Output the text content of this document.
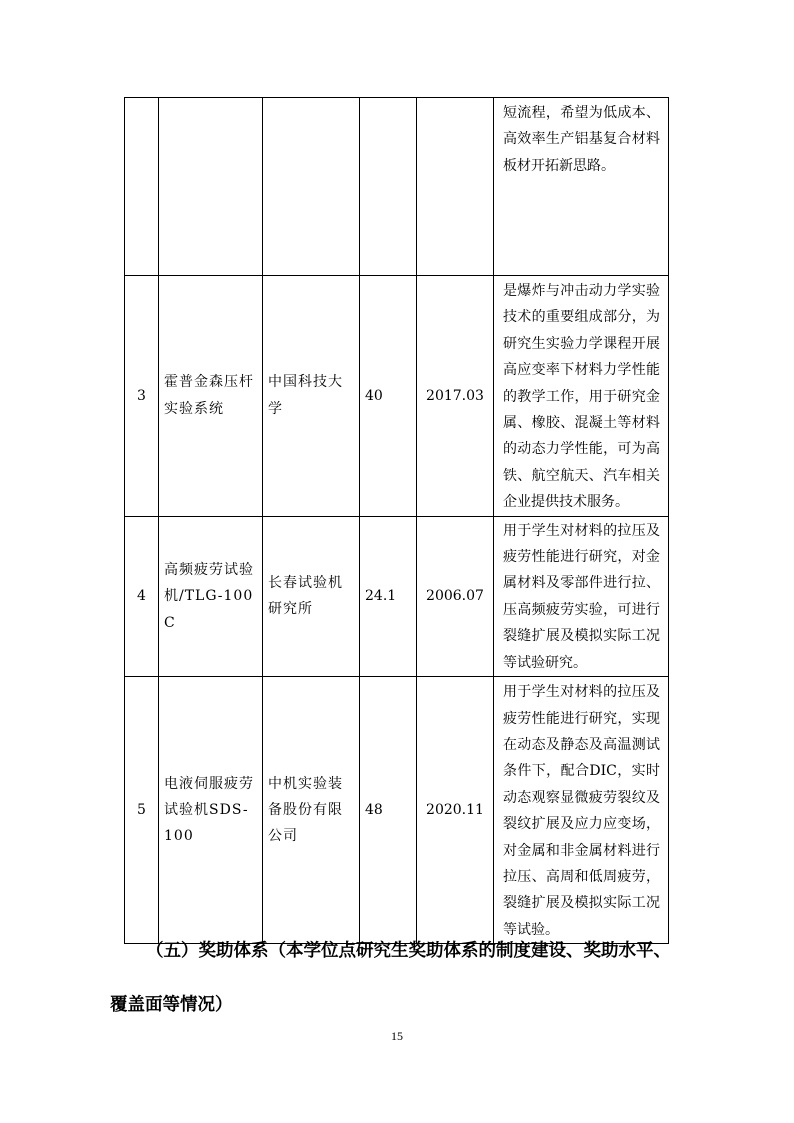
					短流程，希望为低成本、高效率生产铝基复合材料板材开拓新思路。

3	霍普金森压杆实验系统	中国科技大学	40	2017.03	是爆炸与冲击动力学实验技术的重要组成部分，为研究生实验力学课程开展高应变率下材料力学性能的教学工作，用于研究金属、橡胶、混凝土等材料的动态力学性能，可为高铁、航空航天、汽车相关企业提供技术服务。

4	高频疲劳试验机/TLG-100C	长春试验机研究所	24.1	2006.07	用于学生对材料的拉压及疲劳性能进行研究，对金属材料及零部件进行拉、压高频疲劳实验，可进行裂缝扩展及模拟实际工况等试验研究。

5	电液伺服疲劳试验机SDS-100	中机实验装备股份有限公司	48	2020.11	用于学生对材料的拉压及疲劳性能进行研究，实现在动态及静态及高温测试条件下，配合DIC，实时动态观察显微疲劳裂纹及裂纹扩展及应力应变场，对金属和非金属材料进行拉压、高周和低周疲劳，裂缝扩展及模拟实际工况等试验。

（五）奖助体系（本学位点研究生奖助体系的制度建设、奖助水平、覆盖面等情况）

15
